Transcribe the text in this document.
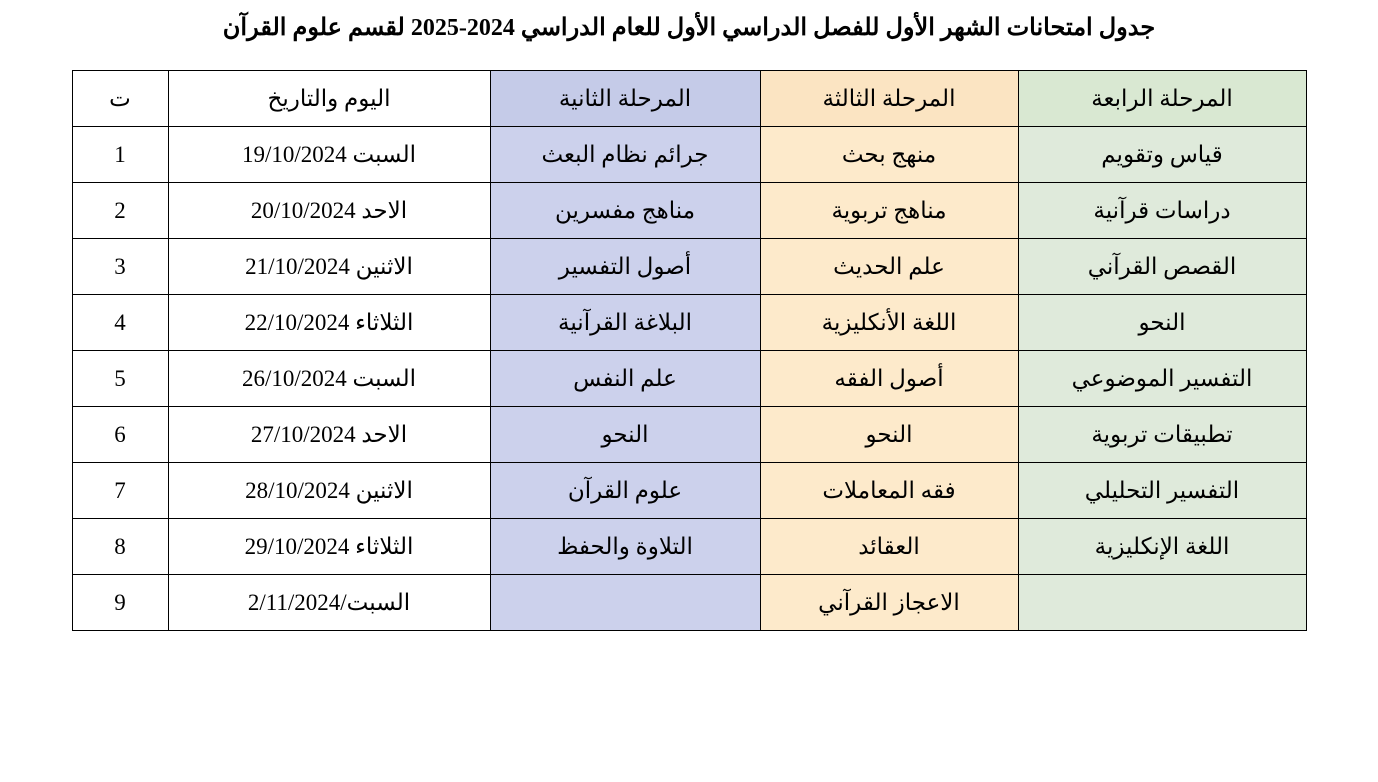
جدول امتحانات الشهر الأول للفصل الدراسي الأول للعام الدراسي 2024-2025 لقسم علوم القرآن
المرحلة الرابعة	المرحلة الثالثة	المرحلة الثانية	اليوم والتاريخ	ت
قياس وتقويم	منهج بحث	جرائم نظام البعث	السبت 19/10/2024	1
دراسات قرآنية	مناهج تربوية	مناهج مفسرين	الاحد 20/10/2024	2
القصص القرآني	علم الحديث	أصول التفسير	الاثنين 21/10/2024	3
النحو	اللغة الأنكليزية	البلاغة القرآنية	الثلاثاء 22/10/2024	4
التفسير الموضوعي	أصول الفقه	علم النفس	السبت 26/10/2024	5
تطبيقات تربوية	النحو	النحو	الاحد 27/10/2024	6
التفسير التحليلي	فقه المعاملات	علوم القرآن	الاثنين 28/10/2024	7
اللغة الإنكليزية	العقائد	التلاوة والحفظ	الثلاثاء 29/10/2024	8
	الاعجاز القرآني		السبت/2/11/2024	9
